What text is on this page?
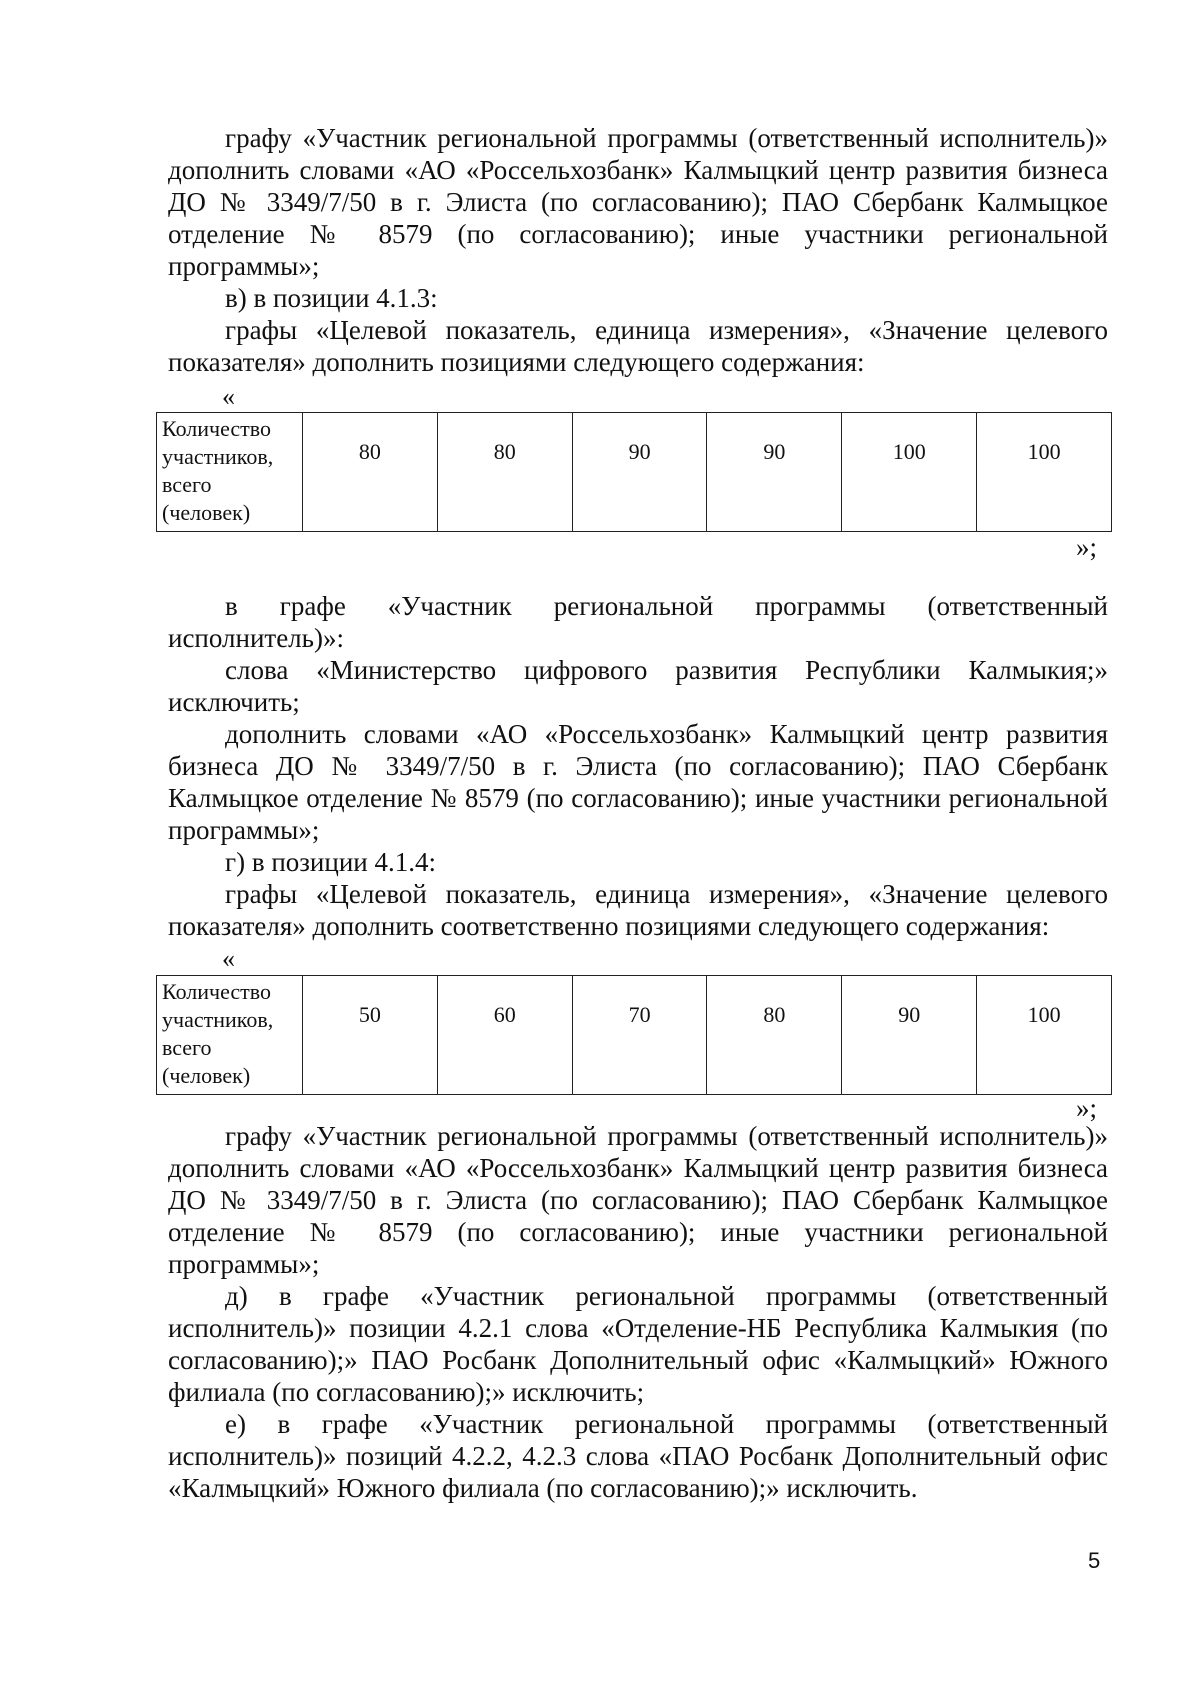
графу «Участник региональной программы (ответственный исполнитель)» дополнить словами «АО «Россельхозбанк» Калмыцкий центр развития бизнеса ДО № 3349/7/50 в г. Элиста (по согласованию); ПАО Сбербанк Калмыцкое отделение № 8579 (по согласованию); иные участники региональной программы»;

в) в позиции 4.1.3:

графы «Целевой показатель, единица измерения», «Значение целевого показателя» дополнить позициями следующего содержания:

«
Количество участников, всего (человек)	80	80	90	90	100	100
»;

в графе «Участник региональной программы (ответственный исполнитель)»:

слова «Министерство цифрового развития Республики Калмыкия;» исключить;

дополнить словами «АО «Россельхозбанк» Калмыцкий центр развития бизнеса ДО № 3349/7/50 в г. Элиста (по согласованию); ПАО Сбербанк Калмыцкое отделение № 8579 (по согласованию); иные участники региональной программы»;

г) в позиции 4.1.4:

графы «Целевой показатель, единица измерения», «Значение целевого показателя» дополнить соответственно позициями следующего содержания:

«
Количество участников, всего (человек)	50	60	70	80	90	100
»;

графу «Участник региональной программы (ответственный исполнитель)» дополнить словами «АО «Россельхозбанк» Калмыцкий центр развития бизнеса ДО № 3349/7/50 в г. Элиста (по согласованию); ПАО Сбербанк Калмыцкое отделение № 8579 (по согласованию); иные участники региональной программы»;

д) в графе «Участник региональной программы (ответственный исполнитель)» позиции 4.2.1 слова «Отделение-НБ Республика Калмыкия (по согласованию);» ПАО Росбанк Дополнительный офис «Калмыцкий» Южного филиала (по согласованию);» исключить;

е) в графе «Участник региональной программы (ответственный исполнитель)» позиций 4.2.2, 4.2.3 слова «ПАО Росбанк Дополнительный офис «Калмыцкий» Южного филиала (по согласованию);» исключить.

5
